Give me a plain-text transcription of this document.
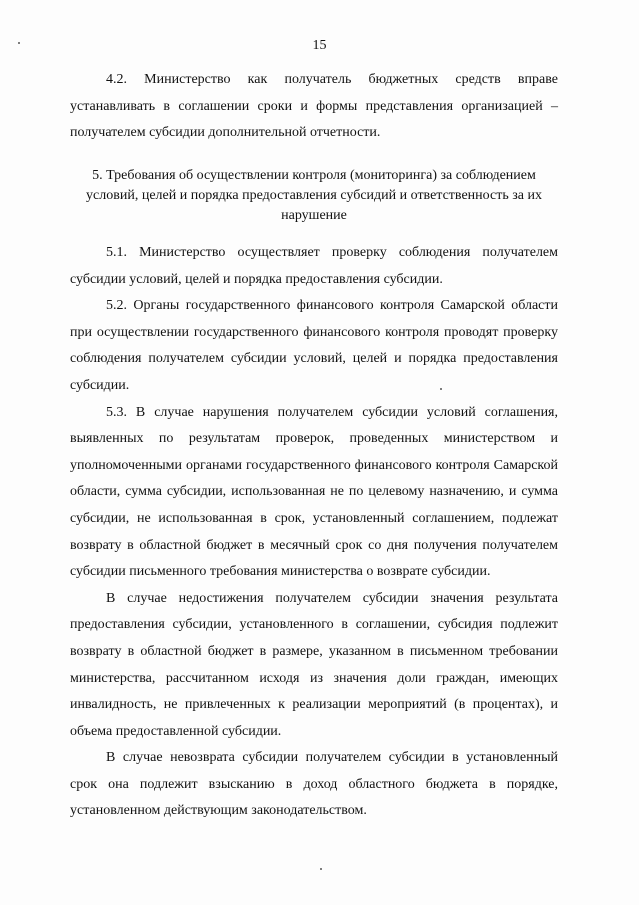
15

4.2. Министерство как получатель бюджетных средств вправе устанавливать в соглашении сроки и формы представления организацией – получателем субсидии дополнительной отчетности.

5. Требования об осуществлении контроля (мониторинга) за соблюдением условий, целей и порядка предоставления субсидий и ответственность за их нарушение

5.1. Министерство осуществляет проверку соблюдения получателем субсидии условий, целей и порядка предоставления субсидии.

5.2. Органы государственного финансового контроля Самарской области при осуществлении государственного финансового контроля проводят проверку соблюдения получателем субсидии условий, целей и порядка предоставления субсидии.

5.3. В случае нарушения получателем субсидии условий соглашения, выявленных по результатам проверок, проведенных министерством и уполномоченными органами государственного финансового контроля Самарской области, сумма субсидии, использованная не по целевому назначению, и сумма субсидии, не использованная в срок, установленный соглашением, подлежат возврату в областной бюджет в месячный срок со дня получения получателем субсидии письменного требования министерства о возврате субсидии.

В случае недостижения получателем субсидии значения результата предоставления субсидии, установленного в соглашении, субсидия подлежит возврату в областной бюджет в размере, указанном в письменном требовании министерства, рассчитанном исходя из значения доли граждан, имеющих инвалидность, не привлеченных к реализации мероприятий (в процентах), и объема предоставленной субсидии.

В случае невозврата субсидии получателем субсидии в установленный срок она подлежит взысканию в доход областного бюджета в порядке, установленном действующим законодательством.
